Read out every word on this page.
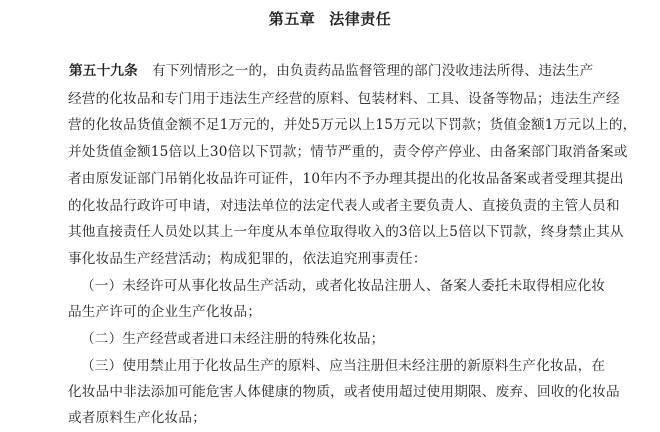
第五章 法律责任
第五十九条 有下列情形之一的，由负责药品监督管理的部门没收违法所得、违法生产
经营的化妆品和专门用于违法生产经营的原料、包装材料、工具、设备等物品；违法生产经
营的化妆品货值金额不足1万元的，并处5万元以上15万元以下罚款；货值金额1万元以上的，
并处货值金额15倍以上30倍以下罚款；情节严重的，责令停产停业、由备案部门取消备案或
者由原发证部门吊销化妆品许可证件，10年内不予办理其提出的化妆品备案或者受理其提出
的化妆品行政许可申请，对违法单位的法定代表人或者主要负责人、直接负责的主管人员和
其他直接责任人员处以其上一年度从本单位取得收入的3倍以上5倍以下罚款，终身禁止其从
事化妆品生产经营活动；构成犯罪的，依法追究刑事责任：
（一）未经许可从事化妆品生产活动，或者化妆品注册人、备案人委托未取得相应化妆
品生产许可的企业生产化妆品；
（二）生产经营或者进口未经注册的特殊化妆品；
（三）使用禁止用于化妆品生产的原料、应当注册但未经注册的新原料生产化妆品，在
化妆品中非法添加可能危害人体健康的物质，或者使用超过使用期限、废弃、回收的化妆品
或者原料生产化妆品；
